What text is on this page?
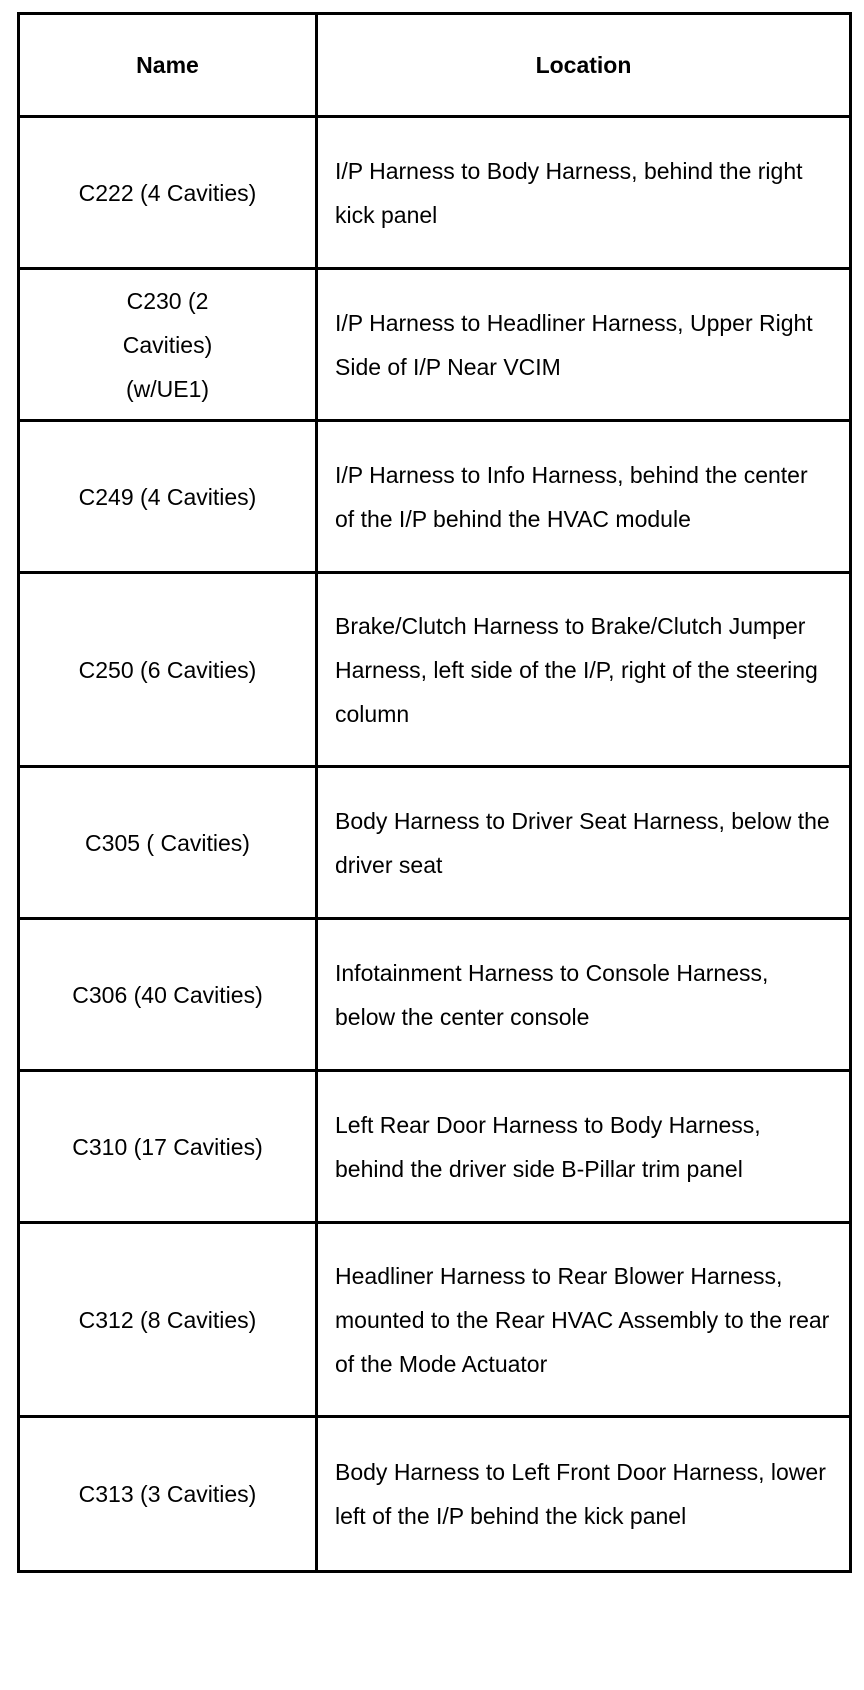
Name	Location

C222 (4 Cavities)	I/P Harness to Body Harness, behind the right kick panel

C230 (2 Cavities) (w/UE1)	I/P Harness to Headliner Harness, Upper Right Side of I/P Near VCIM

C249 (4 Cavities)	I/P Harness to Info Harness, behind the center of the I/P behind the HVAC module

C250 (6 Cavities)	Brake/Clutch Harness to Brake/Clutch Jumper Harness, left side of the I/P, right of the steering column

C305 ( Cavities)	Body Harness to Driver Seat Harness, below the driver seat

C306 (40 Cavities)	Infotainment Harness to Console Harness, below the center console

C310 (17 Cavities)	Left Rear Door Harness to Body Harness, behind the driver side B-Pillar trim panel

C312 (8 Cavities)	Headliner Harness to Rear Blower Harness, mounted to the Rear HVAC Assembly to the rear of the Mode Actuator

C313 (3 Cavities)	Body Harness to Left Front Door Harness, lower left of the I/P behind the kick panel
